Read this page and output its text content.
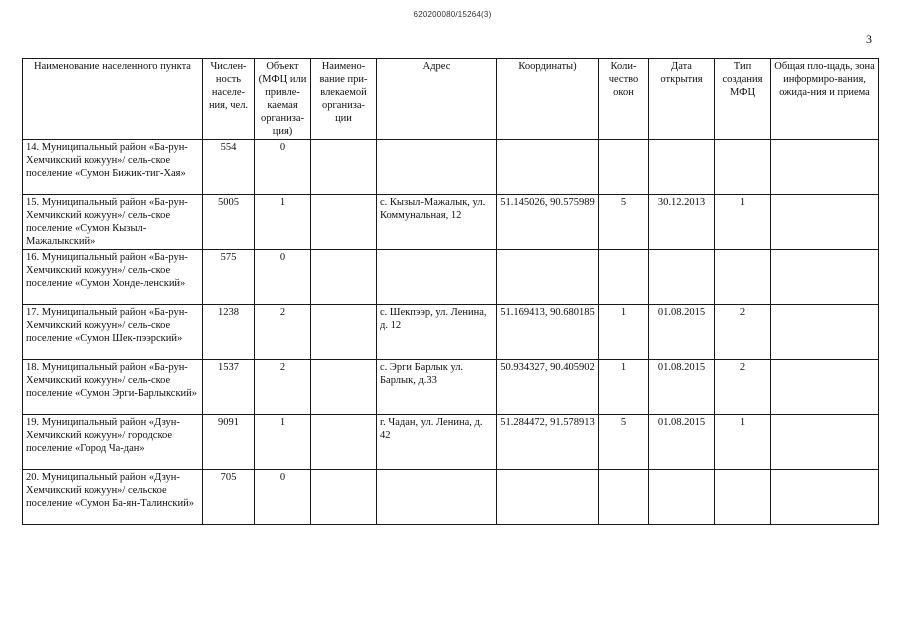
620200080/15264(3)
3
Наименование населенного пункта	Числен-ность населе-ния, чел.	Объект (МФЦ или привле-каемая организа-ция)	Наимено-вание при-влекаемой организа-ции	Адрес	Координаты)	Коли-чество окон	Дата открытия	Тип создания МФЦ	Общая пло-щадь, зона информиро-вания, ожида-ния и приема
14. Муниципальный район «Ба-рун-Хемчикский кожуун»/ сель-ское поселение «Сумон Бижик-тиг-Хая»	554	0							
15. Муниципальный район «Ба-рун-Хемчикский кожуун»/ сель-ское поселение «Сумон Кызыл-Мажалыкский»	5005	1		с. Кызыл-Мажалык, ул. Коммунальная, 12	51.145026, 90.575989	5	30.12.2013	1	
16. Муниципальный район «Ба-рун-Хемчикский кожуун»/ сель-ское поселение «Сумон Хонде-ленский»	575	0							
17. Муниципальный район «Ба-рун-Хемчикский кожуун»/ сель-ское поселение «Сумон Шек-пээрский»	1238	2		с. Шекпээр, ул. Ленина, д. 12	51.169413, 90.680185	1	01.08.2015	2	
18. Муниципальный район «Ба-рун-Хемчикский кожуун»/ сель-ское поселение «Сумон Эрги-Барлыкский»	1537	2		с. Эрги Барлык ул. Барлык, д.33	50.934327, 90.405902	1	01.08.2015	2	
19. Муниципальный район «Дзун-Хемчикский кожуун»/ городское поселение «Город Ча-дан»	9091	1		г. Чадан, ул. Ленина, д. 42	51.284472, 91.578913	5	01.08.2015	1	
20. Муниципальный район «Дзун-Хемчикский кожуун»/ сельское поселение «Сумон Ба-ян-Талинский»	705	0							
